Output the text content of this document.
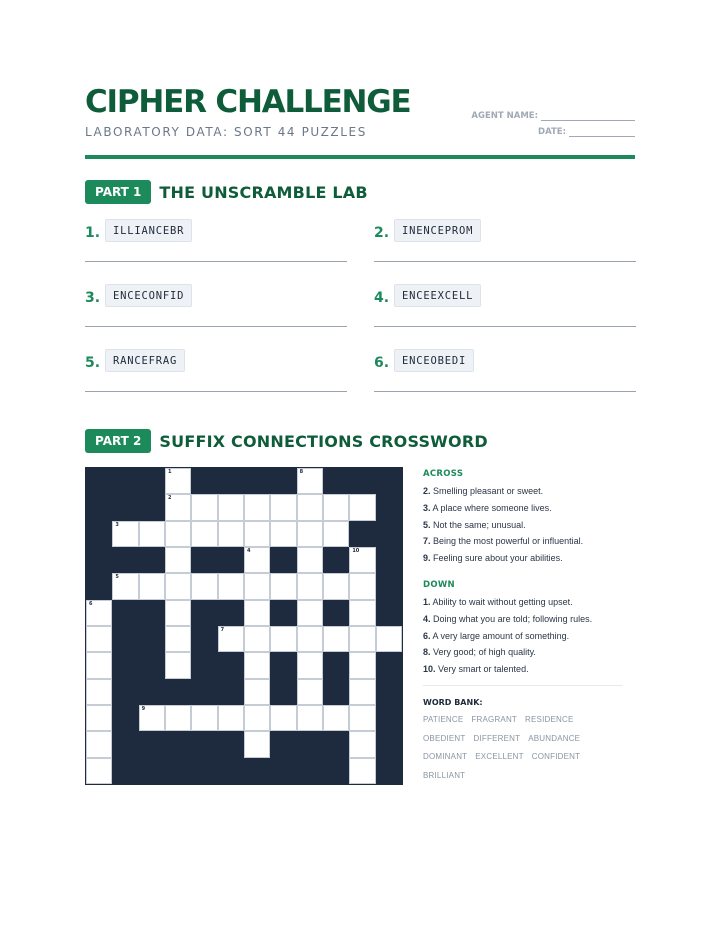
CIPHER CHALLENGE
LABORATORY DATA: SORT 44 PUZZLES
AGENT NAME:
DATE:
PART 1	THE UNSCRAMBLE LAB
1.	ILLIANCEBR	2.	INENCEPROM
3.	ENCECONFID	4.	ENCEEXCELL
5.	RANCEFRAG	6.	ENCEOBEDI
PART 2	SUFFIX CONNECTIONS CROSSWORD
1	8
2
3
4	10
5
6
7
9
ACROSS
2. Smelling pleasant or sweet.
3. A place where someone lives.
5. Not the same; unusual.
7. Being the most powerful or influential.
9. Feeling sure about your abilities.
DOWN
1. Ability to wait without getting upset.
4. Doing what you are told; following rules.
6. A very large amount of something.
8. Very good; of high quality.
10. Very smart or talented.
WORD BANK:
PATIENCE FRAGRANT RESIDENCE
OBEDIENT DIFFERENT ABUNDANCE
DOMINANT EXCELLENT CONFIDENT
BRILLIANT
